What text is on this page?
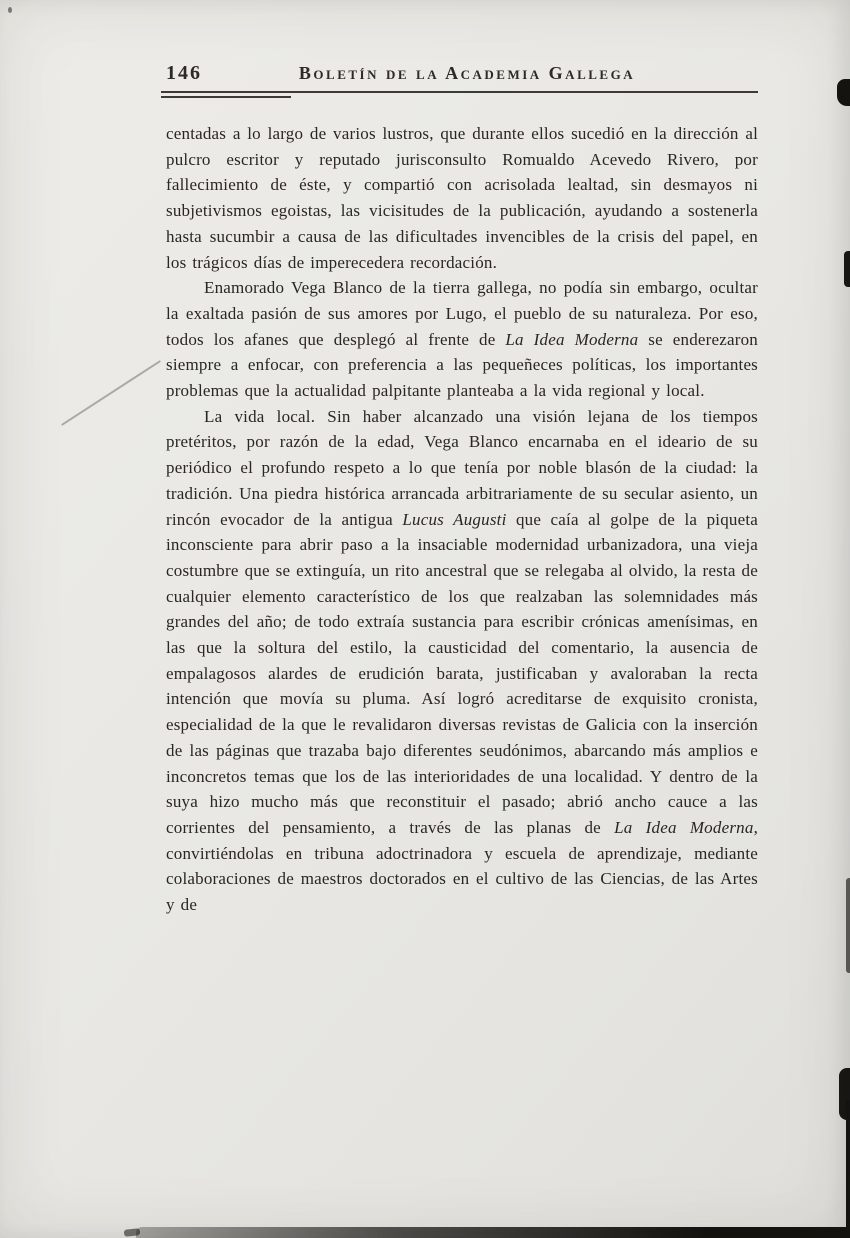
146	Boletín de la Academia Gallega

centadas a lo largo de varios lustros, que durante ellos sucedió en la dirección al pulcro escritor y reputado jurisconsulto Romualdo Acevedo Rivero, por fallecimiento de éste, y compartió con acrisolada lealtad, sin desmayos ni subjetivismos egoistas, las vicisitudes de la publicación, ayudando a sostenerla hasta sucumbir a causa de las dificultades invencibles de la crisis del papel, en los trágicos días de imperecedera recordación.

Enamorado Vega Blanco de la tierra gallega, no podía sin embargo, ocultar la exaltada pasión de sus amores por Lugo, el pueblo de su naturaleza. Por eso, todos los afanes que desplegó al frente de La Idea Moderna se enderezaron siempre a enfocar, con preferencia a las pequeñeces políticas, los importantes problemas que la actualidad palpitante planteaba a la vida regional y local.

La vida local. Sin haber alcanzado una visión lejana de los tiempos pretéritos, por razón de la edad, Vega Blanco encarnaba en el ideario de su periódico el profundo respeto a lo que tenía por noble blasón de la ciudad: la tradición. Una piedra histórica arrancada arbitrariamente de su secular asiento, un rincón evocador de la antigua Lucus Augusti que caía al golpe de la piqueta inconsciente para abrir paso a la insaciable modernidad urbanizadora, una vieja costumbre que se extinguía, un rito ancestral que se relegaba al olvido, la resta de cualquier elemento característico de los que realzaban las solemnidades más grandes del año; de todo extraía sustancia para escribir crónicas amenísimas, en las que la soltura del estilo, la causticidad del comentario, la ausencia de empalagosos alardes de erudición barata, justificaban y avaloraban la recta intención que movía su pluma. Así logró acreditarse de exquisito cronista, especialidad de la que le revalidaron diversas revistas de Galicia con la inserción de las páginas que trazaba bajo diferentes seudónimos, abarcando más amplios e inconcretos temas que los de las interioridades de una localidad. Y dentro de la suya hizo mucho más que reconstituir el pasado; abrió ancho cauce a las corrientes del pensamiento, a través de las planas de La Idea Moderna, convirtiéndolas en tribuna adoctrinadora y escuela de aprendizaje, mediante colaboraciones de maestros doctorados en el cultivo de las Ciencias, de las Artes y de
